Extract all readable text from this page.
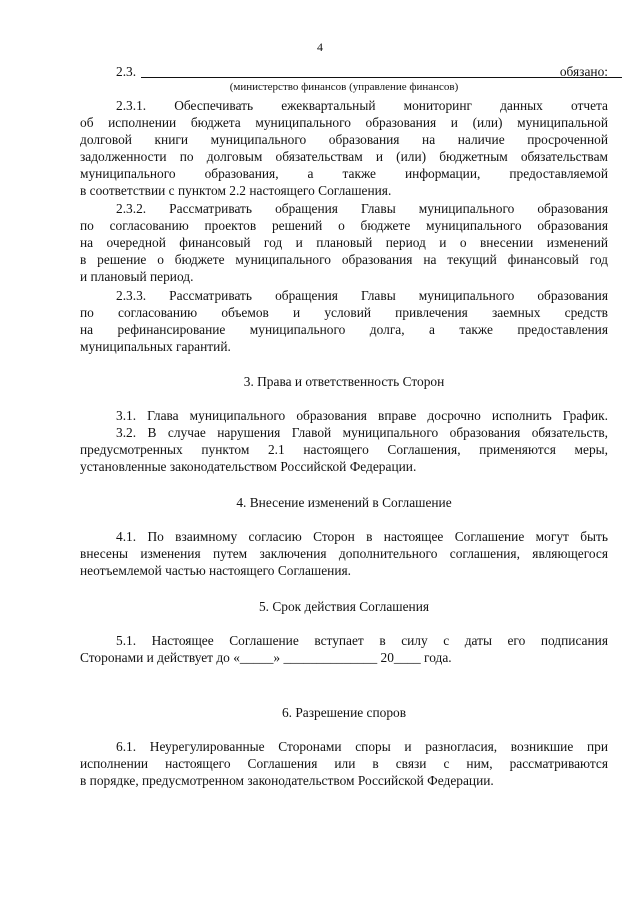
4
2.3.	обязано:
(министерство финансов (управление финансов)
2.3.1. Обеспечивать ежеквартальный мониторинг данных отчета
об исполнении бюджета муниципального образования и (или) муниципальной
долговой книги муниципального образования на наличие просроченной
задолженности по долговым обязательствам и (или) бюджетным обязательствам
муниципального образования, а также информации, предоставляемой
в соответствии с пунктом 2.2 настоящего Соглашения.
2.3.2. Рассматривать обращения Главы муниципального образования
по согласованию проектов решений о бюджете муниципального образования
на очередной финансовый год и плановый период и о внесении изменений
в решение о бюджете муниципального образования на текущий финансовый год
и плановый период.
2.3.3. Рассматривать обращения Главы муниципального образования
по согласованию объемов и условий привлечения заемных средств
на рефинансирование муниципального долга, а также предоставления
муниципальных гарантий.
3.1. Глава муниципального образования вправе досрочно исполнить График.
3.2. В случае нарушения Главой муниципального образования обязательств,
предусмотренных пунктом 2.1 настоящего Соглашения, применяются меры,
установленные законодательством Российской Федерации.
4.1. По взаимному согласию Сторон в настоящее Соглашение могут быть
внесены изменения путем заключения дополнительного соглашения, являющегося
неотъемлемой частью настоящего Соглашения.
5.1. Настоящее Соглашение вступает в силу с даты его подписания
Сторонами и действует до «_____» ______________ 20____ года.
6.1. Неурегулированные Сторонами споры и разногласия, возникшие при
исполнении настоящего Соглашения или в связи с ним, рассматриваются
в порядке, предусмотренном законодательством Российской Федерации.
3. Права и ответственность Сторон
4. Внесение изменений в Соглашение
5. Срок действия Соглашения
6. Разрешение споров
